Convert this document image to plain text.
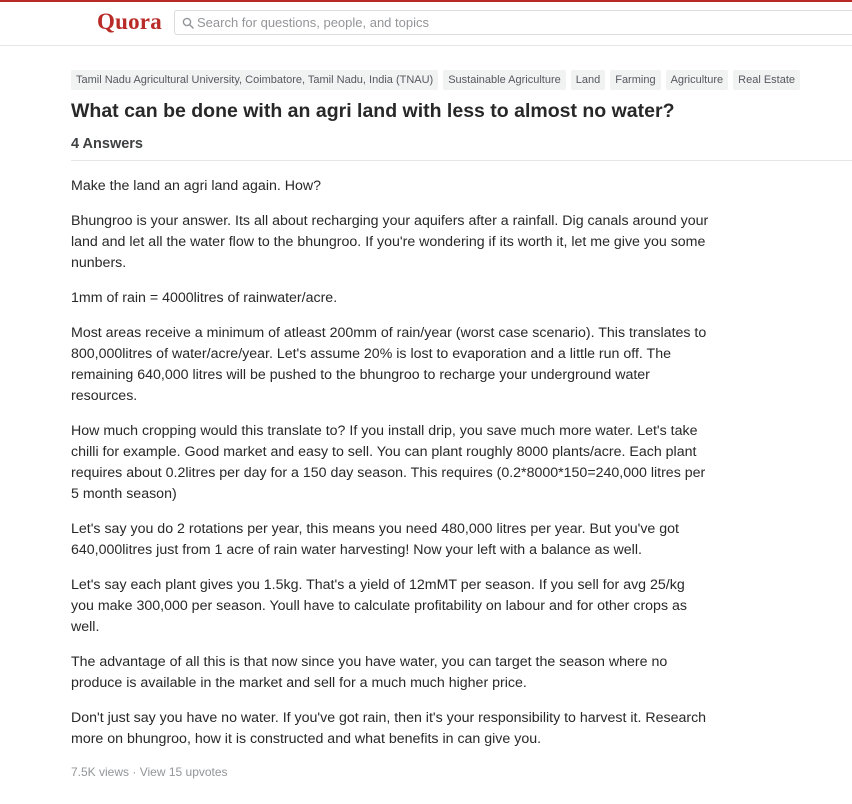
Quora
Search for questions, people, and topics
Tamil Nadu Agricultural University, Coimbatore, Tamil Nadu, India (TNAU)	Sustainable Agriculture	Land	Farming	Agriculture	Real Estate
What can be done with an agri land with less to almost no water?
4 Answers

Make the land an agri land again. How?

Bhungroo is your answer. Its all about recharging your aquifers after a rainfall. Dig canals around your land and let all the water flow to the bhungroo. If you're wondering if its worth it, let me give you some nunbers.

1mm of rain = 4000litres of rainwater/acre.

Most areas receive a minimum of atleast 200mm of rain/year (worst case scenario). This translates to 800,000litres of water/acre/year. Let's assume 20% is lost to evaporation and a little run off. The remaining 640,000 litres will be pushed to the bhungroo to recharge your underground water resources.

How much cropping would this translate to? If you install drip, you save much more water. Let's take chilli for example. Good market and easy to sell. You can plant roughly 8000 plants/acre. Each plant requires about 0.2litres per day for a 150 day season. This requires (0.2*8000*150=240,000 litres per 5 month season)

Let's say you do 2 rotations per year, this means you need 480,000 litres per year. But you've got 640,000litres just from 1 acre of rain water harvesting! Now your left with a balance as well.

Let's say each plant gives you 1.5kg. That's a yield of 12mMT per season. If you sell for avg 25/kg you make 300,000 per season. Youll have to calculate profitability on labour and for other crops as well.

The advantage of all this is that now since you have water, you can target the season where no produce is available in the market and sell for a much much higher price.

Don't just say you have no water. If you've got rain, then it's your responsibility to harvest it. Research more on bhungroo, how it is constructed and what benefits in can give you.

7.5K views · View 15 upvotes
